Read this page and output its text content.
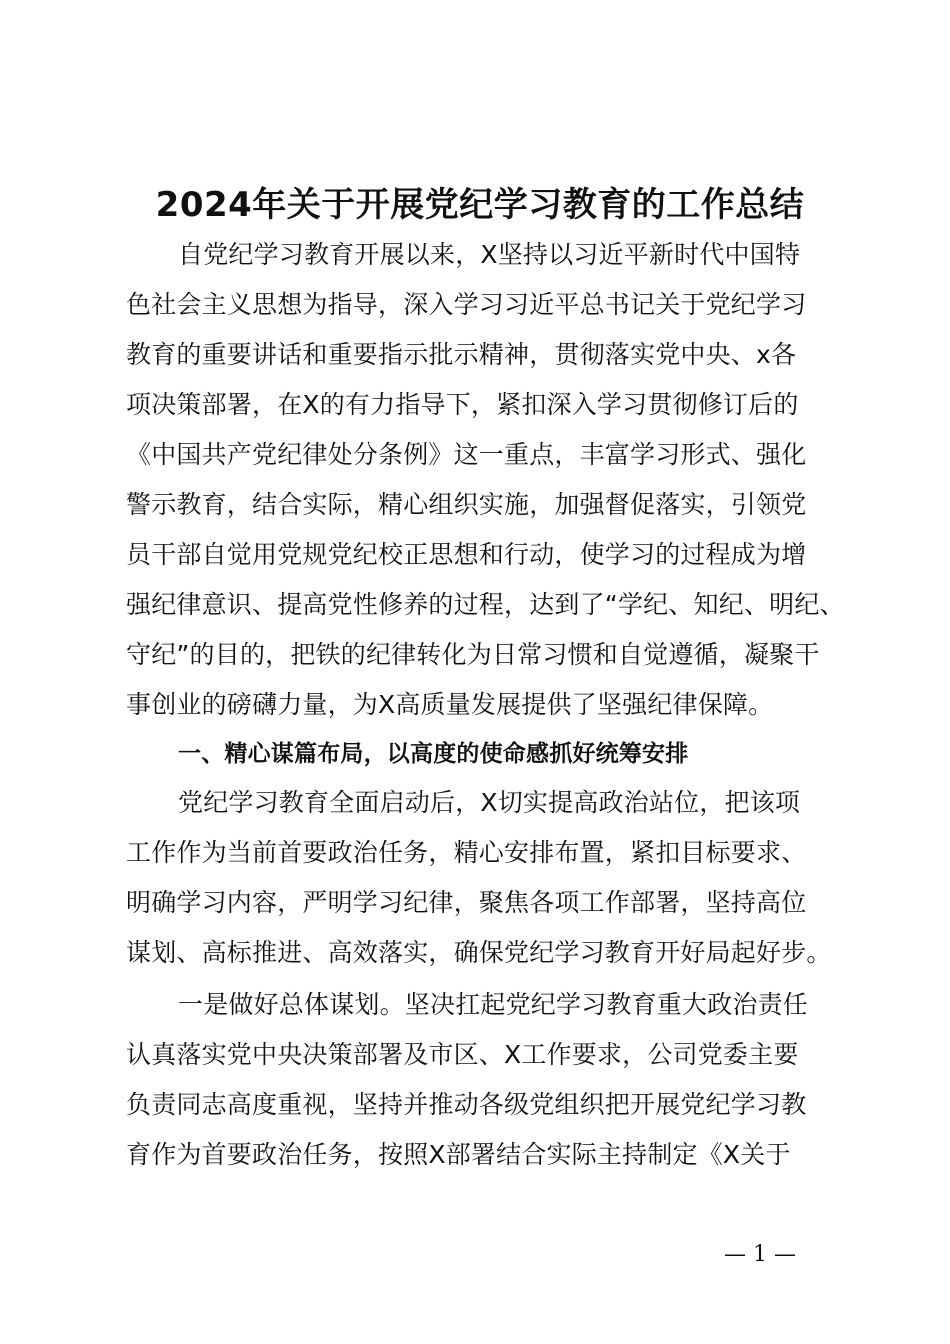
2024年关于开展党纪学习教育的工作总结
自党纪学习教育开展以来，X坚持以习近平新时代中国特
色社会主义思想为指导，深入学习习近平总书记关于党纪学习
教育的重要讲话和重要指示批示精神，贯彻落实党中央、x各
项决策部署，在X的有力指导下，紧扣深入学习贯彻修订后的
《中国共产党纪律处分条例》这一重点，丰富学习形式、强化
警示教育，结合实际，精心组织实施，加强督促落实，引领党
员干部自觉用党规党纪校正思想和行动，使学习的过程成为增
强纪律意识、提高党性修养的过程，达到了“学纪、知纪、明纪、
守纪”的目的，把铁的纪律转化为日常习惯和自觉遵循，凝聚干
事创业的磅礴力量，为X高质量发展提供了坚强纪律保障。
一、精心谋篇布局，以高度的使命感抓好统筹安排
党纪学习教育全面启动后，X切实提高政治站位，把该项
工作作为当前首要政治任务，精心安排布置，紧扣目标要求、
明确学习内容，严明学习纪律，聚焦各项工作部署，坚持高位
谋划、高标推进、高效落实，确保党纪学习教育开好局起好步。
一是做好总体谋划。坚决扛起党纪学习教育重大政治责任
认真落实党中央决策部署及市区、X工作要求，公司党委主要
负责同志高度重视，坚持并推动各级党组织把开展党纪学习教
育作为首要政治任务，按照X部署结合实际主持制定《X关于
— 1 —
